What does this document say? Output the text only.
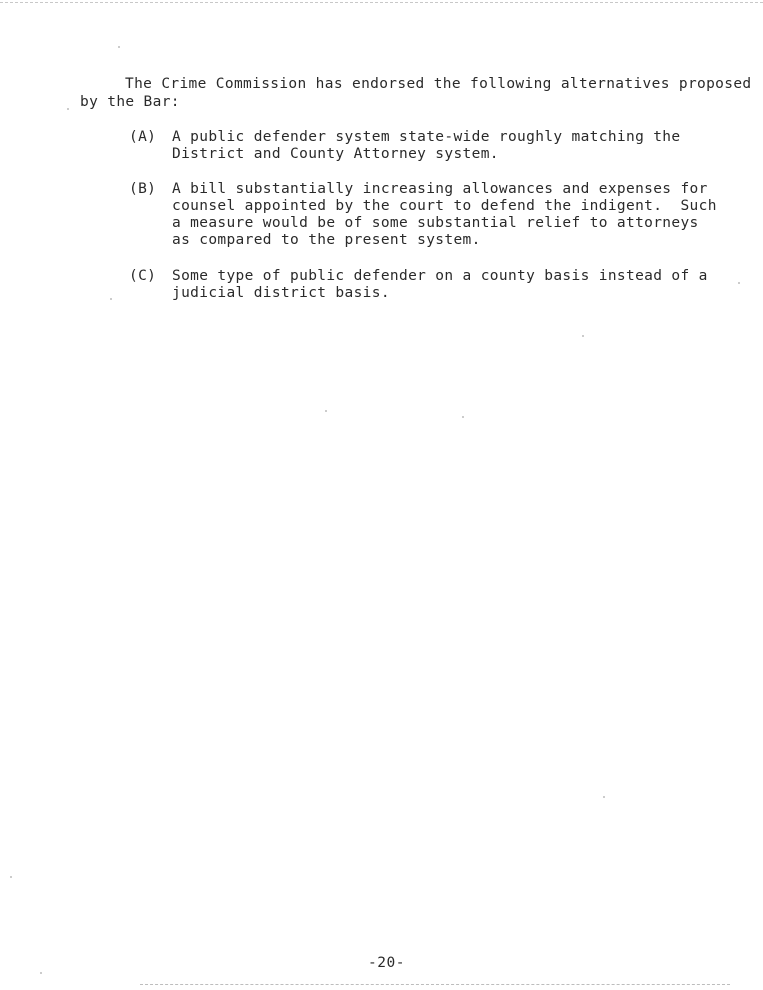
The Crime Commission has endorsed the following alternatives proposed
by the Bar:
(A) A public defender system state-wide roughly matching the
District and County Attorney system.
(B) A bill substantially increasing allowances and expenses for
counsel appointed by the court to defend the indigent.  Such
a measure would be of some substantial relief to attorneys
as compared to the present system.
(C) Some type of public defender on a county basis instead of a
judicial district basis.
-20-
